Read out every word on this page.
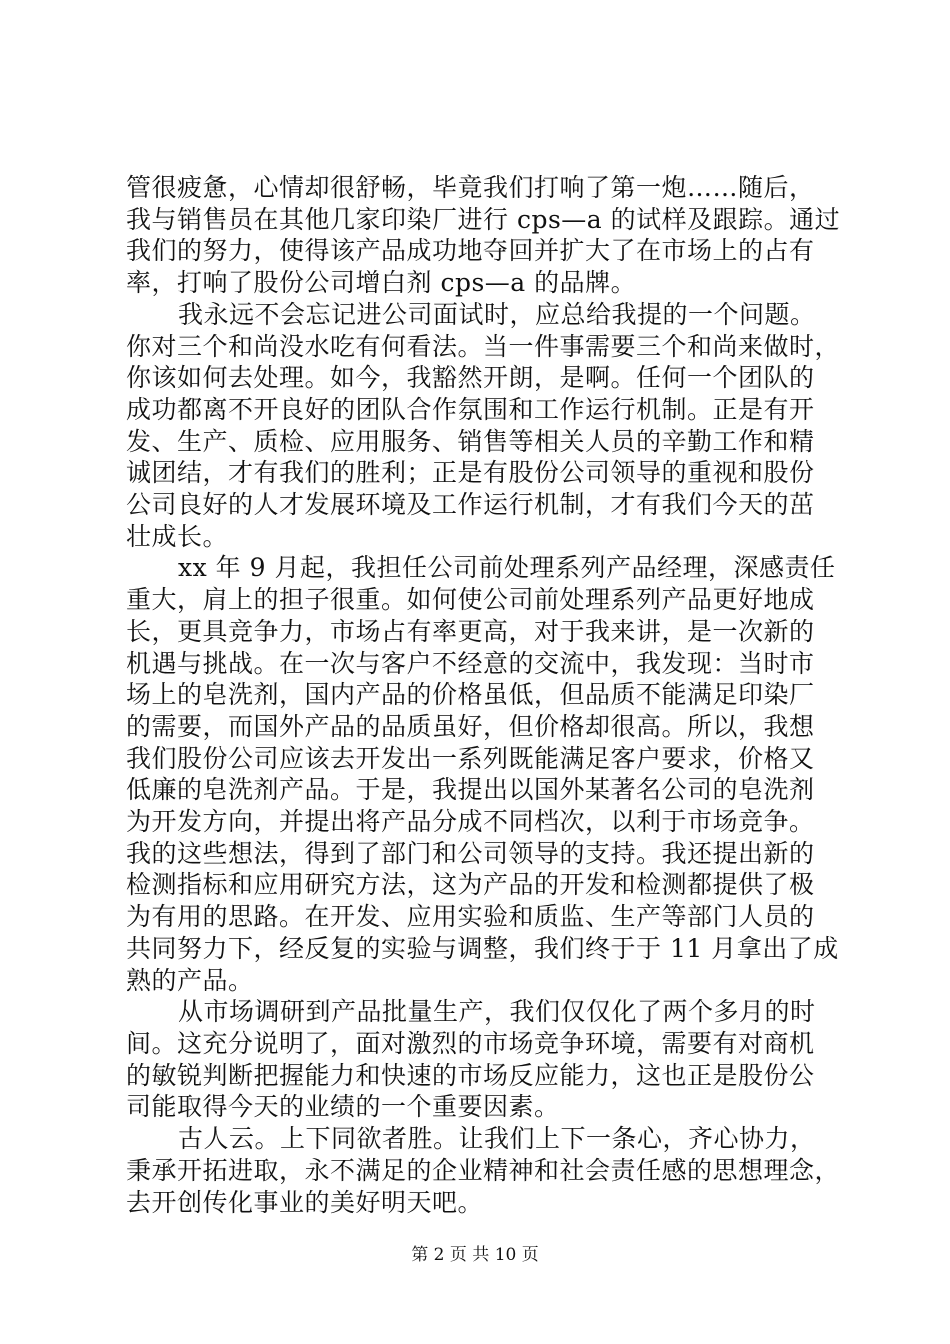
管很疲惫，心情却很舒畅，毕竟我们打响了第一炮……随后，
我与销售员在其他几家印染厂进行 cps—a 的试样及跟踪。通过
我们的努力，使得该产品成功地夺回并扩大了在市场上的占有
率，打响了股份公司增白剂 cps—a 的品牌。

我永远不会忘记进公司面试时，应总给我提的一个问题。
你对三个和尚没水吃有何看法。当一件事需要三个和尚来做时，
你该如何去处理。如今，我豁然开朗，是啊。任何一个团队的
成功都离不开良好的团队合作氛围和工作运行机制。正是有开
发、生产、质检、应用服务、销售等相关人员的辛勤工作和精
诚团结，才有我们的胜利；正是有股份公司领导的重视和股份
公司良好的人才发展环境及工作运行机制，才有我们今天的茁
壮成长。

xx 年 9 月起，我担任公司前处理系列产品经理，深感责任
重大，肩上的担子很重。如何使公司前处理系列产品更好地成
长，更具竞争力，市场占有率更高，对于我来讲，是一次新的
机遇与挑战。在一次与客户不经意的交流中，我发现：当时市
场上的皂洗剂，国内产品的价格虽低，但品质不能满足印染厂
的需要，而国外产品的品质虽好，但价格却很高。所以，我想
我们股份公司应该去开发出一系列既能满足客户要求，价格又
低廉的皂洗剂产品。于是，我提出以国外某著名公司的皂洗剂
为开发方向，并提出将产品分成不同档次，以利于市场竞争。
我的这些想法，得到了部门和公司领导的支持。我还提出新的
检测指标和应用研究方法，这为产品的开发和检测都提供了极
为有用的思路。在开发、应用实验和质监、生产等部门人员的
共同努力下，经反复的实验与调整，我们终于于 11 月拿出了成
熟的产品。

从市场调研到产品批量生产，我们仅仅化了两个多月的时
间。这充分说明了，面对激烈的市场竞争环境，需要有对商机
的敏锐判断把握能力和快速的市场反应能力，这也正是股份公
司能取得今天的业绩的一个重要因素。

古人云。上下同欲者胜。让我们上下一条心，齐心协力，
秉承开拓进取，永不满足的企业精神和社会责任感的思想理念，
去开创传化事业的美好明天吧。

第 2 页 共 10 页
